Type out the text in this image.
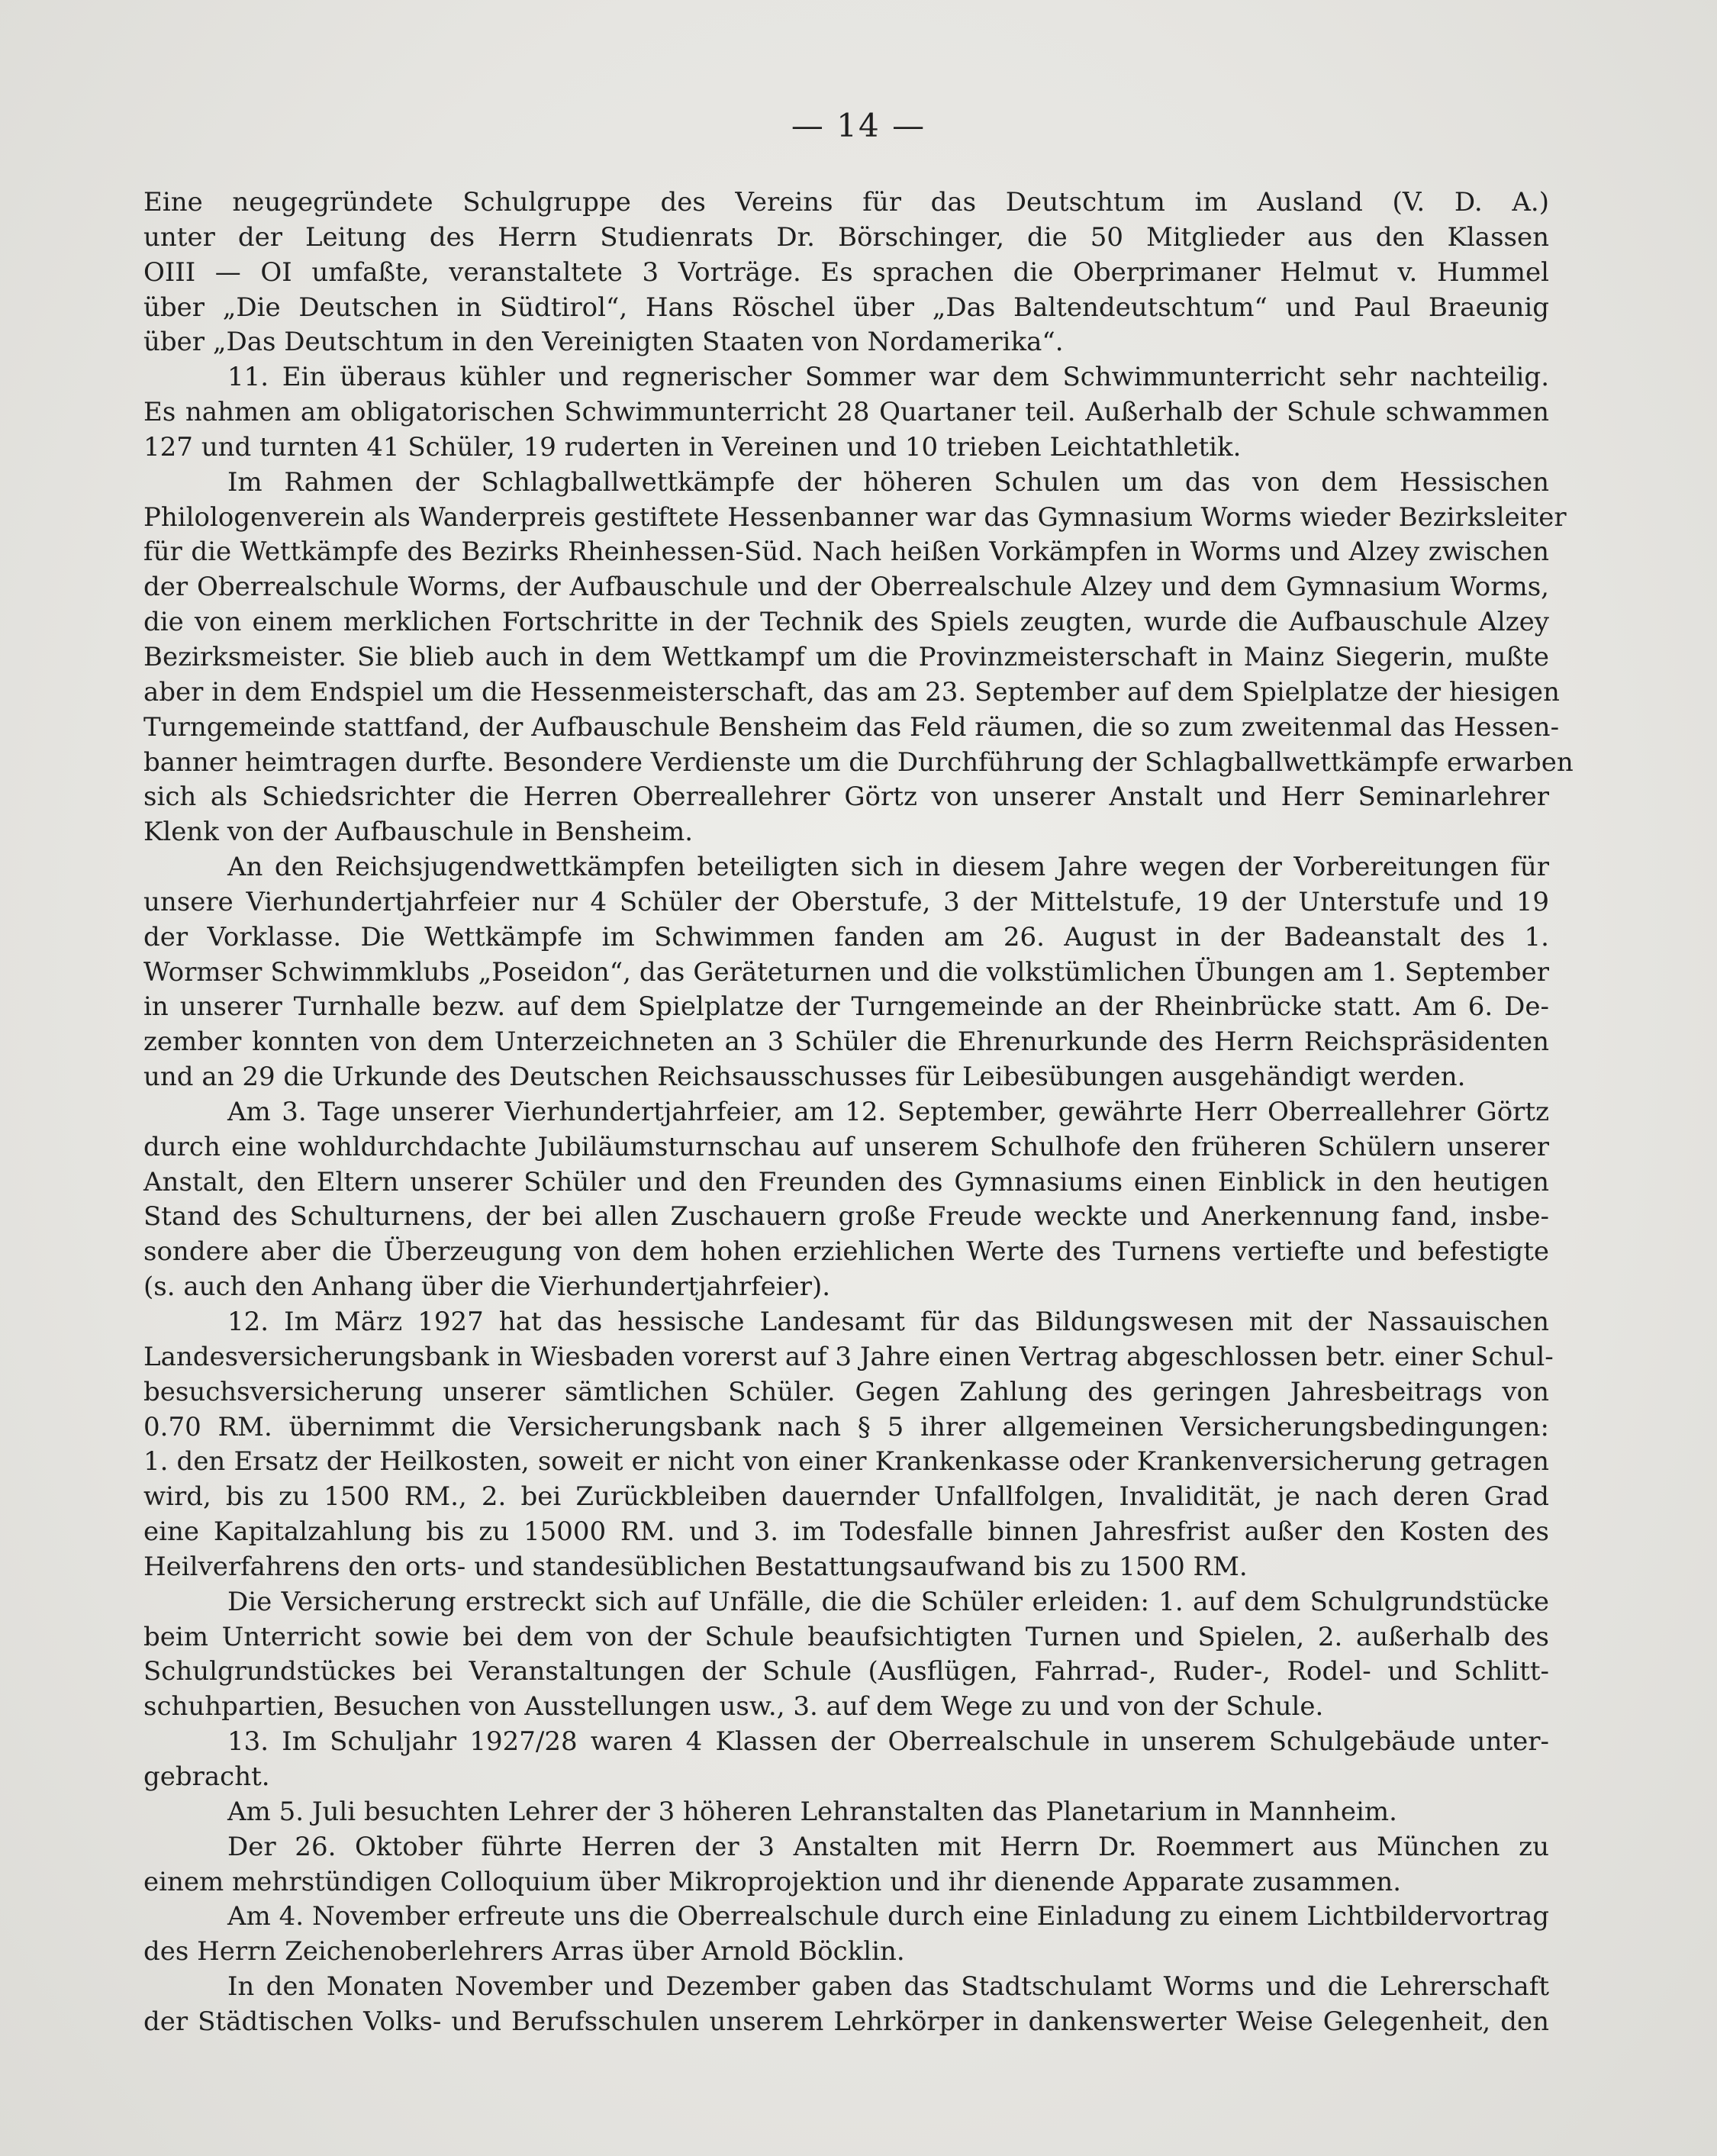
— 14 —
Eine neugegründete Schulgruppe des Vereins für das Deutschtum im Ausland (V. D. A.)
unter der Leitung des Herrn Studienrats Dr. Börschinger, die 50 Mitglieder aus den Klassen
OIII — OI umfaßte, veranstaltete 3 Vorträge. Es sprachen die Oberprimaner Helmut v. Hummel
über „Die Deutschen in Südtirol“, Hans Röschel über „Das Baltendeutschtum“ und Paul Braeunig
über „Das Deutschtum in den Vereinigten Staaten von Nordamerika“.
11. Ein überaus kühler und regnerischer Sommer war dem Schwimmunterricht sehr nachteilig.
Es nahmen am obligatorischen Schwimmunterricht 28 Quartaner teil. Außerhalb der Schule schwammen
127 und turnten 41 Schüler, 19 ruderten in Vereinen und 10 trieben Leichtathletik.
Im Rahmen der Schlagballwettkämpfe der höheren Schulen um das von dem Hessischen
Philologenverein als Wanderpreis gestiftete Hessenbanner war das Gymnasium Worms wieder Bezirksleiter
für die Wettkämpfe des Bezirks Rheinhessen-Süd. Nach heißen Vorkämpfen in Worms und Alzey zwischen
der Oberrealschule Worms, der Aufbauschule und der Oberrealschule Alzey und dem Gymnasium Worms,
die von einem merklichen Fortschritte in der Technik des Spiels zeugten, wurde die Aufbauschule Alzey
Bezirksmeister. Sie blieb auch in dem Wettkampf um die Provinzmeisterschaft in Mainz Siegerin, mußte
aber in dem Endspiel um die Hessenmeisterschaft, das am 23. September auf dem Spielplatze der hiesigen
Turngemeinde stattfand, der Aufbauschule Bensheim das Feld räumen, die so zum zweitenmal das Hessen-
banner heimtragen durfte. Besondere Verdienste um die Durchführung der Schlagballwettkämpfe erwarben
sich als Schiedsrichter die Herren Oberreallehrer Görtz von unserer Anstalt und Herr Seminarlehrer
Klenk von der Aufbauschule in Bensheim.
An den Reichsjugendwettkämpfen beteiligten sich in diesem Jahre wegen der Vorbereitungen für
unsere Vierhundertjahrfeier nur 4 Schüler der Oberstufe, 3 der Mittelstufe, 19 der Unterstufe und 19
der Vorklasse. Die Wettkämpfe im Schwimmen fanden am 26. August in der Badeanstalt des 1.
Wormser Schwimmklubs „Poseidon“, das Geräteturnen und die volkstümlichen Übungen am 1. September
in unserer Turnhalle bezw. auf dem Spielplatze der Turngemeinde an der Rheinbrücke statt. Am 6. De-
zember konnten von dem Unterzeichneten an 3 Schüler die Ehrenurkunde des Herrn Reichspräsidenten
und an 29 die Urkunde des Deutschen Reichsausschusses für Leibesübungen ausgehändigt werden.
Am 3. Tage unserer Vierhundertjahrfeier, am 12. September, gewährte Herr Oberreallehrer Görtz
durch eine wohldurchdachte Jubiläumsturnschau auf unserem Schulhofe den früheren Schülern unserer
Anstalt, den Eltern unserer Schüler und den Freunden des Gymnasiums einen Einblick in den heutigen
Stand des Schulturnens, der bei allen Zuschauern große Freude weckte und Anerkennung fand, insbe-
sondere aber die Überzeugung von dem hohen erziehlichen Werte des Turnens vertiefte und befestigte
(s. auch den Anhang über die Vierhundertjahrfeier).
12. Im März 1927 hat das hessische Landesamt für das Bildungswesen mit der Nassauischen
Landesversicherungsbank in Wiesbaden vorerst auf 3 Jahre einen Vertrag abgeschlossen betr. einer Schul-
besuchsversicherung unserer sämtlichen Schüler. Gegen Zahlung des geringen Jahresbeitrags von
0.70 RM. übernimmt die Versicherungsbank nach § 5 ihrer allgemeinen Versicherungsbedingungen:
1. den Ersatz der Heilkosten, soweit er nicht von einer Krankenkasse oder Krankenversicherung getragen
wird, bis zu 1500 RM., 2. bei Zurückbleiben dauernder Unfallfolgen, Invalidität, je nach deren Grad
eine Kapitalzahlung bis zu 15000 RM. und 3. im Todesfalle binnen Jahresfrist außer den Kosten des
Heilverfahrens den orts- und standesüblichen Bestattungsaufwand bis zu 1500 RM.
Die Versicherung erstreckt sich auf Unfälle, die die Schüler erleiden: 1. auf dem Schulgrundstücke
beim Unterricht sowie bei dem von der Schule beaufsichtigten Turnen und Spielen, 2. außerhalb des
Schulgrundstückes bei Veranstaltungen der Schule (Ausflügen, Fahrrad-, Ruder-, Rodel- und Schlitt-
schuhpartien, Besuchen von Ausstellungen usw., 3. auf dem Wege zu und von der Schule.
13. Im Schuljahr 1927/28 waren 4 Klassen der Oberrealschule in unserem Schulgebäude unter-
gebracht.
Am 5. Juli besuchten Lehrer der 3 höheren Lehranstalten das Planetarium in Mannheim.
Der 26. Oktober führte Herren der 3 Anstalten mit Herrn Dr. Roemmert aus München zu
einem mehrstündigen Colloquium über Mikroprojektion und ihr dienende Apparate zusammen.
Am 4. November erfreute uns die Oberrealschule durch eine Einladung zu einem Lichtbildervortrag
des Herrn Zeichenoberlehrers Arras über Arnold Böcklin.
In den Monaten November und Dezember gaben das Stadtschulamt Worms und die Lehrerschaft
der Städtischen Volks- und Berufsschulen unserem Lehrkörper in dankenswerter Weise Gelegenheit, den
